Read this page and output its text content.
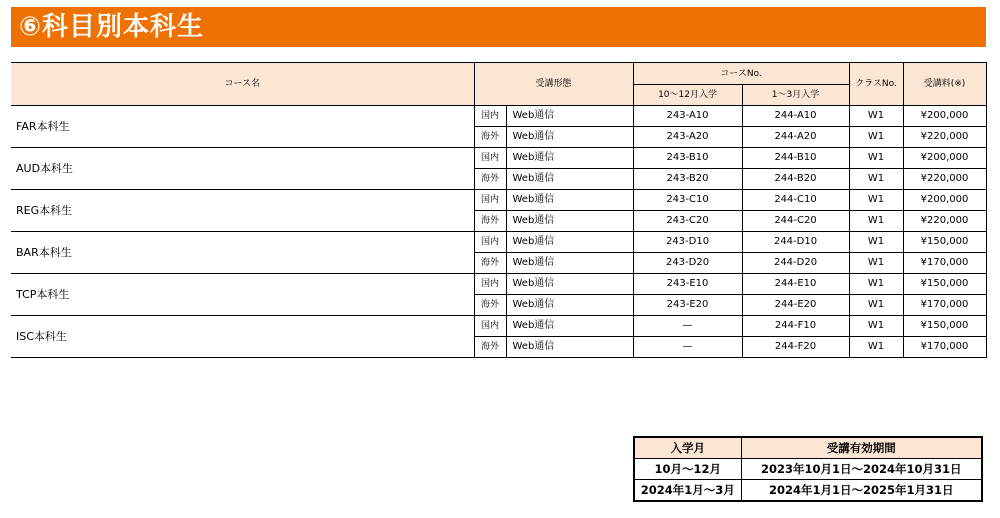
⑥科目別本科生
コース名	受講形態		コースNo.		クラスNo.	受講料(※)
			10～12月入学	1～3月入学		
FAR本科生	国内	Web通信	243-A10	244-A10	W1	¥200,000
	海外	Web通信	243-A20	244-A20	W1	¥220,000
AUD本科生	国内	Web通信	243-B10	244-B10	W1	¥200,000
	海外	Web通信	243-B20	244-B20	W1	¥220,000
REG本科生	国内	Web通信	243-C10	244-C10	W1	¥200,000
	海外	Web通信	243-C20	244-C20	W1	¥220,000
BAR本科生	国内	Web通信	243-D10	244-D10	W1	¥150,000
	海外	Web通信	243-D20	244-D20	W1	¥170,000
TCP本科生	国内	Web通信	243-E10	244-E10	W1	¥150,000
	海外	Web通信	243-E20	244-E20	W1	¥170,000
ISC本科生	国内	Web通信	—	244-F10	W1	¥150,000
	海外	Web通信	—	244-F20	W1	¥170,000
入学月	受講有効期間
10月～12月	2023年10月1日～2024年10月31日
2024年1月～3月	2024年1月1日～2025年1月31日
